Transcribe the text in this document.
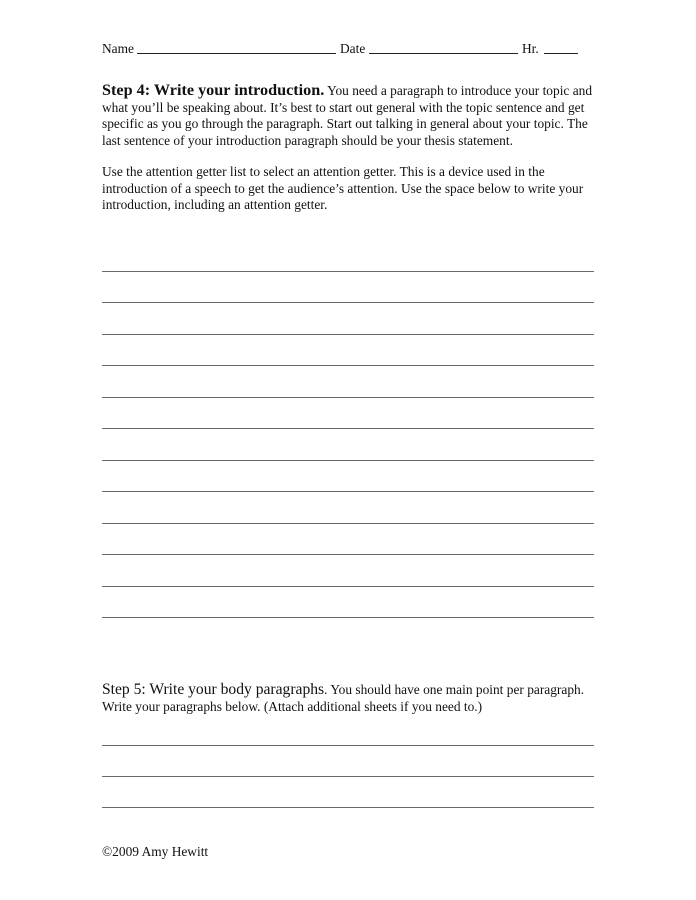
Name	Date	Hr.

Step 4: Write your introduction. You need a paragraph to introduce your topic and what you’ll be speaking about. It’s best to start out general with the topic sentence and get specific as you go through the paragraph. Start out talking in general about your topic. The last sentence of your introduction paragraph should be your thesis statement.

Use the attention getter list to select an attention getter. This is a device used in the introduction of a speech to get the audience’s attention. Use the space below to write your introduction, including an attention getter.

Step 5: Write your body paragraphs. You should have one main point per paragraph. Write your paragraphs below. (Attach additional sheets if you need to.)

©2009 Amy Hewitt
